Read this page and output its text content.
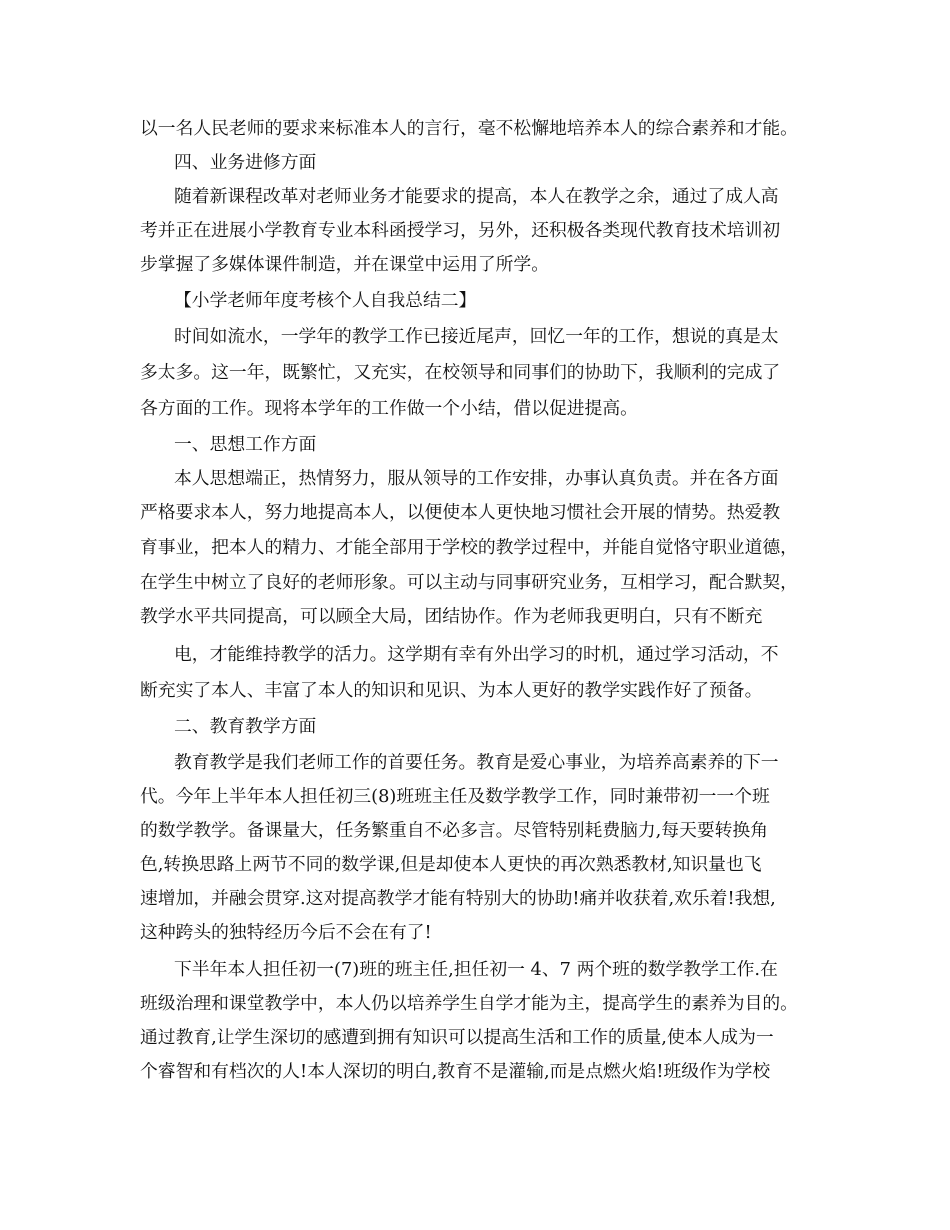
以一名人民老师的要求来标准本人的言行，毫不松懈地培养本人的综合素养和才能。
四、业务进修方面
随着新课程改革对老师业务才能要求的提高，本人在教学之余，通过了成人高
考并正在进展小学教育专业本科函授学习，另外，还积极各类现代教育技术培训初
步掌握了多媒体课件制造，并在课堂中运用了所学。
【小学老师年度考核个人自我总结二】
时间如流水，一学年的教学工作已接近尾声，回忆一年的工作，想说的真是太
多太多。这一年，既繁忙，又充实，在校领导和同事们的协助下，我顺利的完成了
各方面的工作。现将本学年的工作做一个小结，借以促进提高。
一、思想工作方面
本人思想端正，热情努力，服从领导的工作安排，办事认真负责。并在各方面
严格要求本人，努力地提高本人，以便使本人更快地习惯社会开展的情势。热爱教
育事业，把本人的精力、才能全部用于学校的教学过程中，并能自觉恪守职业道德，
在学生中树立了良好的老师形象。可以主动与同事研究业务，互相学习，配合默契，
教学水平共同提高，可以顾全大局，团结协作。作为老师我更明白，只有不断充
电，才能维持教学的活力。这学期有幸有外出学习的时机，通过学习活动，不
断充实了本人、丰富了本人的知识和见识、为本人更好的教学实践作好了预备。
二、教育教学方面
教育教学是我们老师工作的首要任务。教育是爱心事业，为培养高素养的下一
代。今年上半年本人担任初三(8)班班主任及数学教学工作，同时兼带初一一个班
的数学教学。备课量大，任务繁重自不必多言。尽管特别耗费脑力,每天要转换角
色,转换思路上两节不同的数学课,但是却使本人更快的再次熟悉教材,知识量也飞
速增加，并融会贯穿.这对提高教学才能有特别大的协助!痛并收获着,欢乐着!我想,
这种跨头的独特经历今后不会在有了!
下半年本人担任初一(7)班的班主任,担任初一 4、7 两个班的数学教学工作.在
班级治理和课堂教学中，本人仍以培养学生自学才能为主，提高学生的素养为目的。
通过教育,让学生深切的感遭到拥有知识可以提高生活和工作的质量,使本人成为一
个睿智和有档次的人!本人深切的明白,教育不是灌输,而是点燃火焰!班级作为学校
